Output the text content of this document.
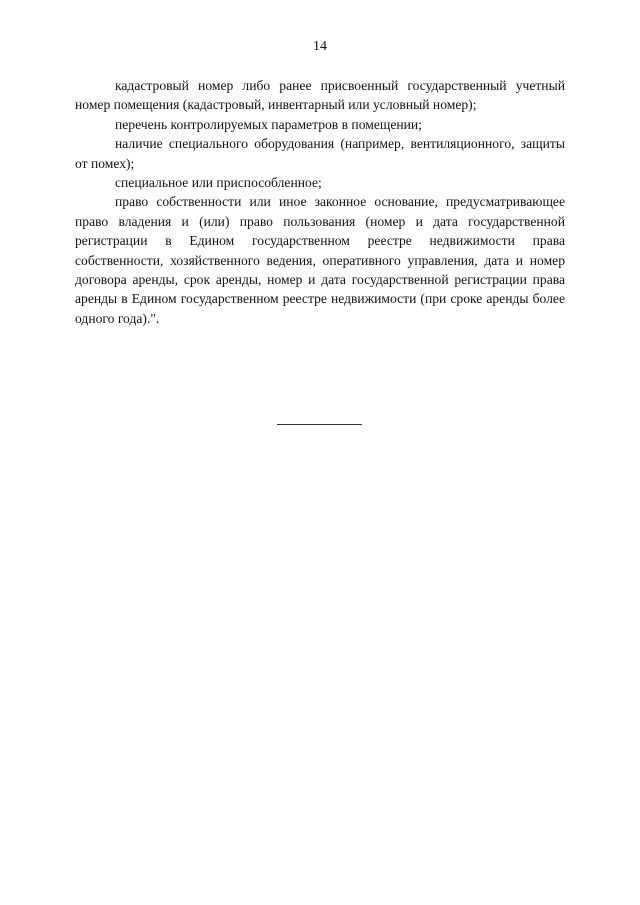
14

кадастровый номер либо ранее присвоенный государственный учетный номер помещения (кадастровый, инвентарный или условный номер);

перечень контролируемых параметров в помещении;

наличие специального оборудования (например, вентиляционного, защиты от помех);

специальное или приспособленное;

право собственности или иное законное основание, предусматривающее право владения и (или) право пользования (номер и дата государственной регистрации в Едином государственном реестре недвижимости права собственности, хозяйственного ведения, оперативного управления, дата и номер договора аренды, срок аренды, номер и дата государственной регистрации права аренды в Едином государственном реестре недвижимости (при сроке аренды более одного года).".
